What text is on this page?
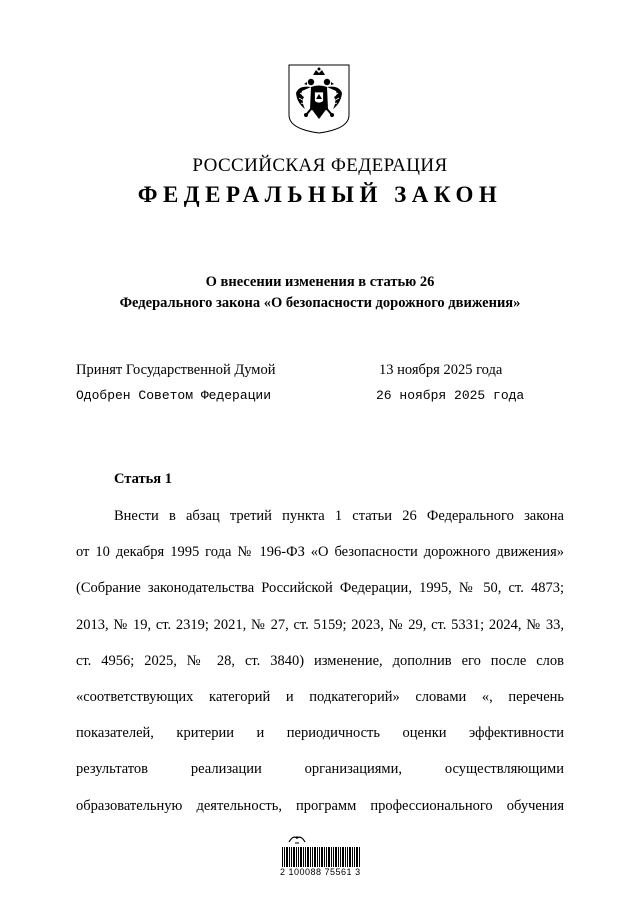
РОССИЙСКАЯ ФЕДЕРАЦИЯ
ФЕДЕРАЛЬНЫЙ ЗАКОН
О внесении изменения в статью 26
Федерального закона «О безопасности дорожного движения»
Принят Государственной Думой	13 ноября 2025 года
Одобрен Советом Федерации	26 ноября 2025 года
Статья 1
Внести в абзац третий пункта 1 статьи 26 Федерального закона
от 10 декабря 1995 года № 196-ФЗ «О безопасности дорожного движения»
(Собрание законодательства Российской Федерации, 1995, № 50, ст. 4873;
2013, № 19, ст. 2319; 2021, № 27, ст. 5159; 2023, № 29, ст. 5331; 2024, № 33,
ст. 4956; 2025, № 28, ст. 3840) изменение, дополнив его после слов
«соответствующих категорий и подкатегорий» словами «, перечень
показателей, критерии и периодичность оценки эффективности
результатов реализации организациями, осуществляющими
образовательную деятельность, программ профессионального обучения
2 100088 75561 3
